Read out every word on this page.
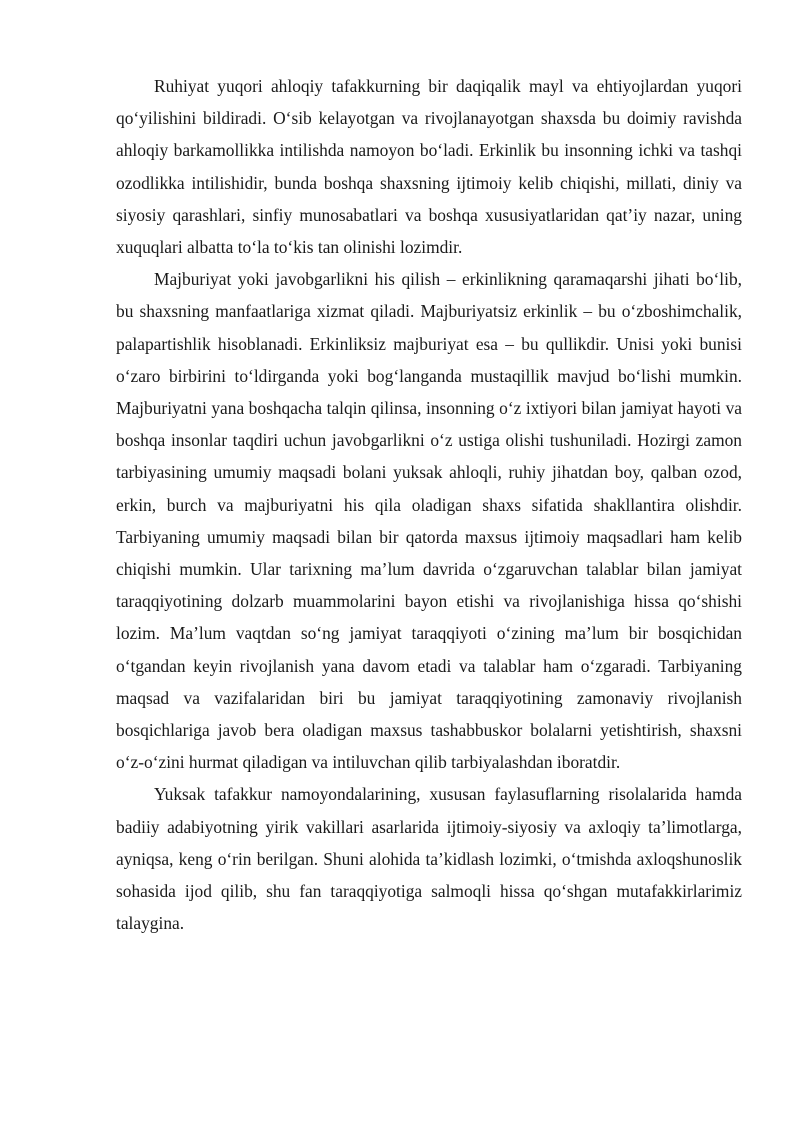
Ruhiyat yuqori ahloqiy tafakkurning bir daqiqalik mayl va ehtiyojlardan yuqori qo‘yilishini bildiradi. O‘sib kelayotgan va rivojlanayotgan shaxsda bu doimiy ravishda ahloqiy barkamollikka intilishda namoyon bo‘ladi. Erkinlik bu insonning ichki va tashqi ozodlikka intilishidir, bunda boshqa shaxsning ijtimoiy kelib chiqishi, millati, diniy va siyosiy qarashlari, sinfiy munosabatlari va boshqa xususiyatlaridan qat’iy nazar, uning xuquqlari albatta to‘la to‘kis tan olinishi lozimdir.

Majburiyat yoki javobgarlikni his qilish – erkinlikning qaramaqarshi jihati bo‘lib, bu shaxsning manfaatlariga xizmat qiladi. Majburiyatsiz erkinlik – bu o‘zboshimchalik, palapartishlik hisoblanadi. Erkinliksiz majburiyat esa – bu qullikdir. Unisi yoki bunisi o‘zaro birbirini to‘ldirganda yoki bog‘langanda mustaqillik mavjud bo‘lishi mumkin. Majburiyatni yana boshqacha talqin qilinsa, insonning o‘z ixtiyori bilan jamiyat hayoti va boshqa insonlar taqdiri uchun javobgarlikni o‘z ustiga olishi tushuniladi. Hozirgi zamon tarbiyasining umumiy maqsadi bolani yuksak ahloqli, ruhiy jihatdan boy, qalban ozod, erkin, burch va majburiyatni his qila oladigan shaxs sifatida shakllantira olishdir. Tarbiyaning umumiy maqsadi bilan bir qatorda maxsus ijtimoiy maqsadlari ham kelib chiqishi mumkin. Ular tarixning ma’lum davrida o‘zgaruvchan talablar bilan jamiyat taraqqiyotining dolzarb muammolarini bayon etishi va rivojlanishiga hissa qo‘shishi lozim. Ma’lum vaqtdan so‘ng jamiyat taraqqiyoti o‘zining ma’lum bir bosqichidan o‘tgandan keyin rivojlanish yana davom etadi va talablar ham o‘zgaradi. Tarbiyaning maqsad va vazifalaridan biri bu jamiyat taraqqiyotining zamonaviy rivojlanish bosqichlariga javob bera oladigan maxsus tashabbuskor bolalarni yetishtirish, shaxsni o‘z-o‘zini hurmat qiladigan va intiluvchan qilib tarbiyalashdan iboratdir.

Yuksak tafakkur namoyondalarining, xususan faylasuflarning risolalarida hamda badiiy adabiyotning yirik vakillari asarlarida ijtimoiy-siyosiy va axloqiy ta’limotlarga, ayniqsa, keng o‘rin berilgan. Shuni alohida ta’kidlash lozimki, o‘tmishda axloqshunoslik sohasida ijod qilib, shu fan taraqqiyotiga salmoqli hissa qo‘shgan mutafakkirlarimiz talaygina.
